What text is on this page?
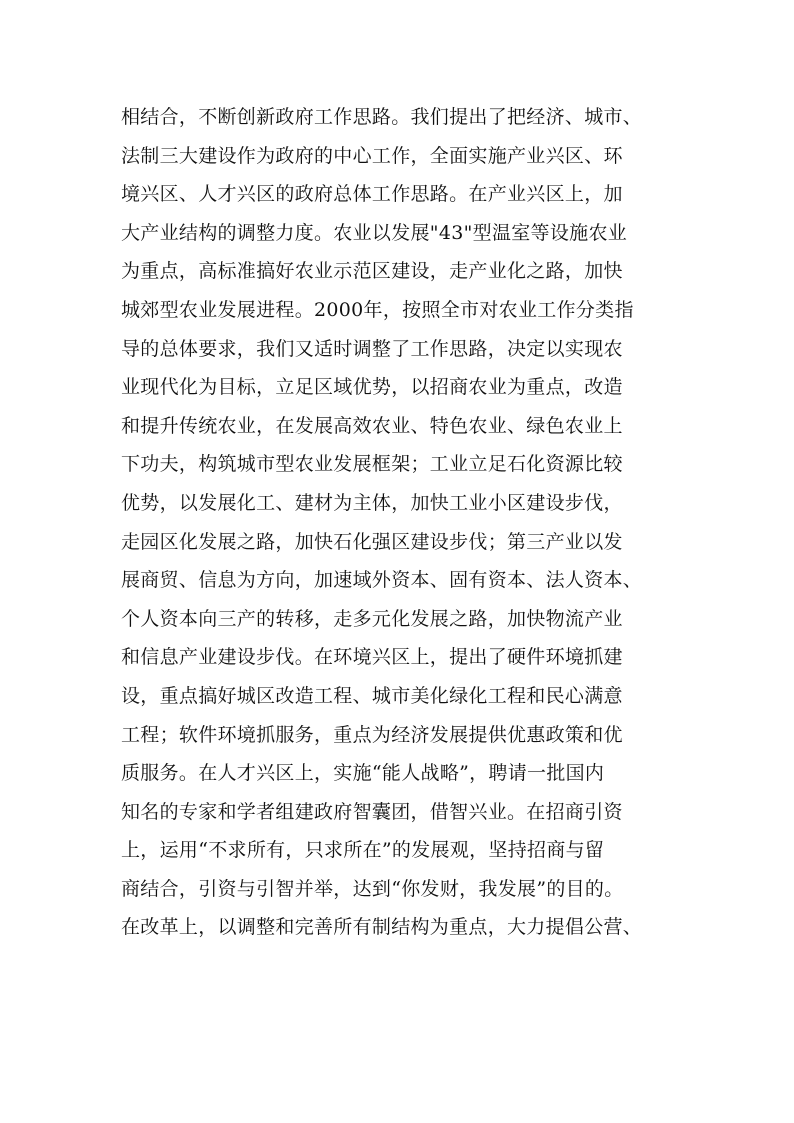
相结合，不断创新政府工作思路。我们提出了把经济、城市、
法制三大建设作为政府的中心工作，全面实施产业兴区、环
境兴区、人才兴区的政府总体工作思路。在产业兴区上，加
大产业结构的调整力度。农业以发展"43"型温室等设施农业
为重点，高标准搞好农业示范区建设，走产业化之路，加快
城郊型农业发展进程。2000年，按照全市对农业工作分类指
导的总体要求，我们又适时调整了工作思路，决定以实现农
业现代化为目标，立足区域优势，以招商农业为重点，改造
和提升传统农业，在发展高效农业、特色农业、绿色农业上
下功夫，构筑城市型农业发展框架；工业立足石化资源比较
优势，以发展化工、建材为主体，加快工业小区建设步伐，
走园区化发展之路，加快石化强区建设步伐；第三产业以发
展商贸、信息为方向，加速域外资本、固有资本、法人资本、
个人资本向三产的转移，走多元化发展之路，加快物流产业
和信息产业建设步伐。在环境兴区上，提出了硬件环境抓建
设，重点搞好城区改造工程、城市美化绿化工程和民心满意
工程；软件环境抓服务，重点为经济发展提供优惠政策和优
质服务。在人才兴区上，实施“能人战略”，聘请一批国内
知名的专家和学者组建政府智囊团，借智兴业。在招商引资
上，运用“不求所有，只求所在”的发展观，坚持招商与留
商结合，引资与引智并举，达到“你发财，我发展”的目的。
在改革上，以调整和完善所有制结构为重点，大力提倡公营、
